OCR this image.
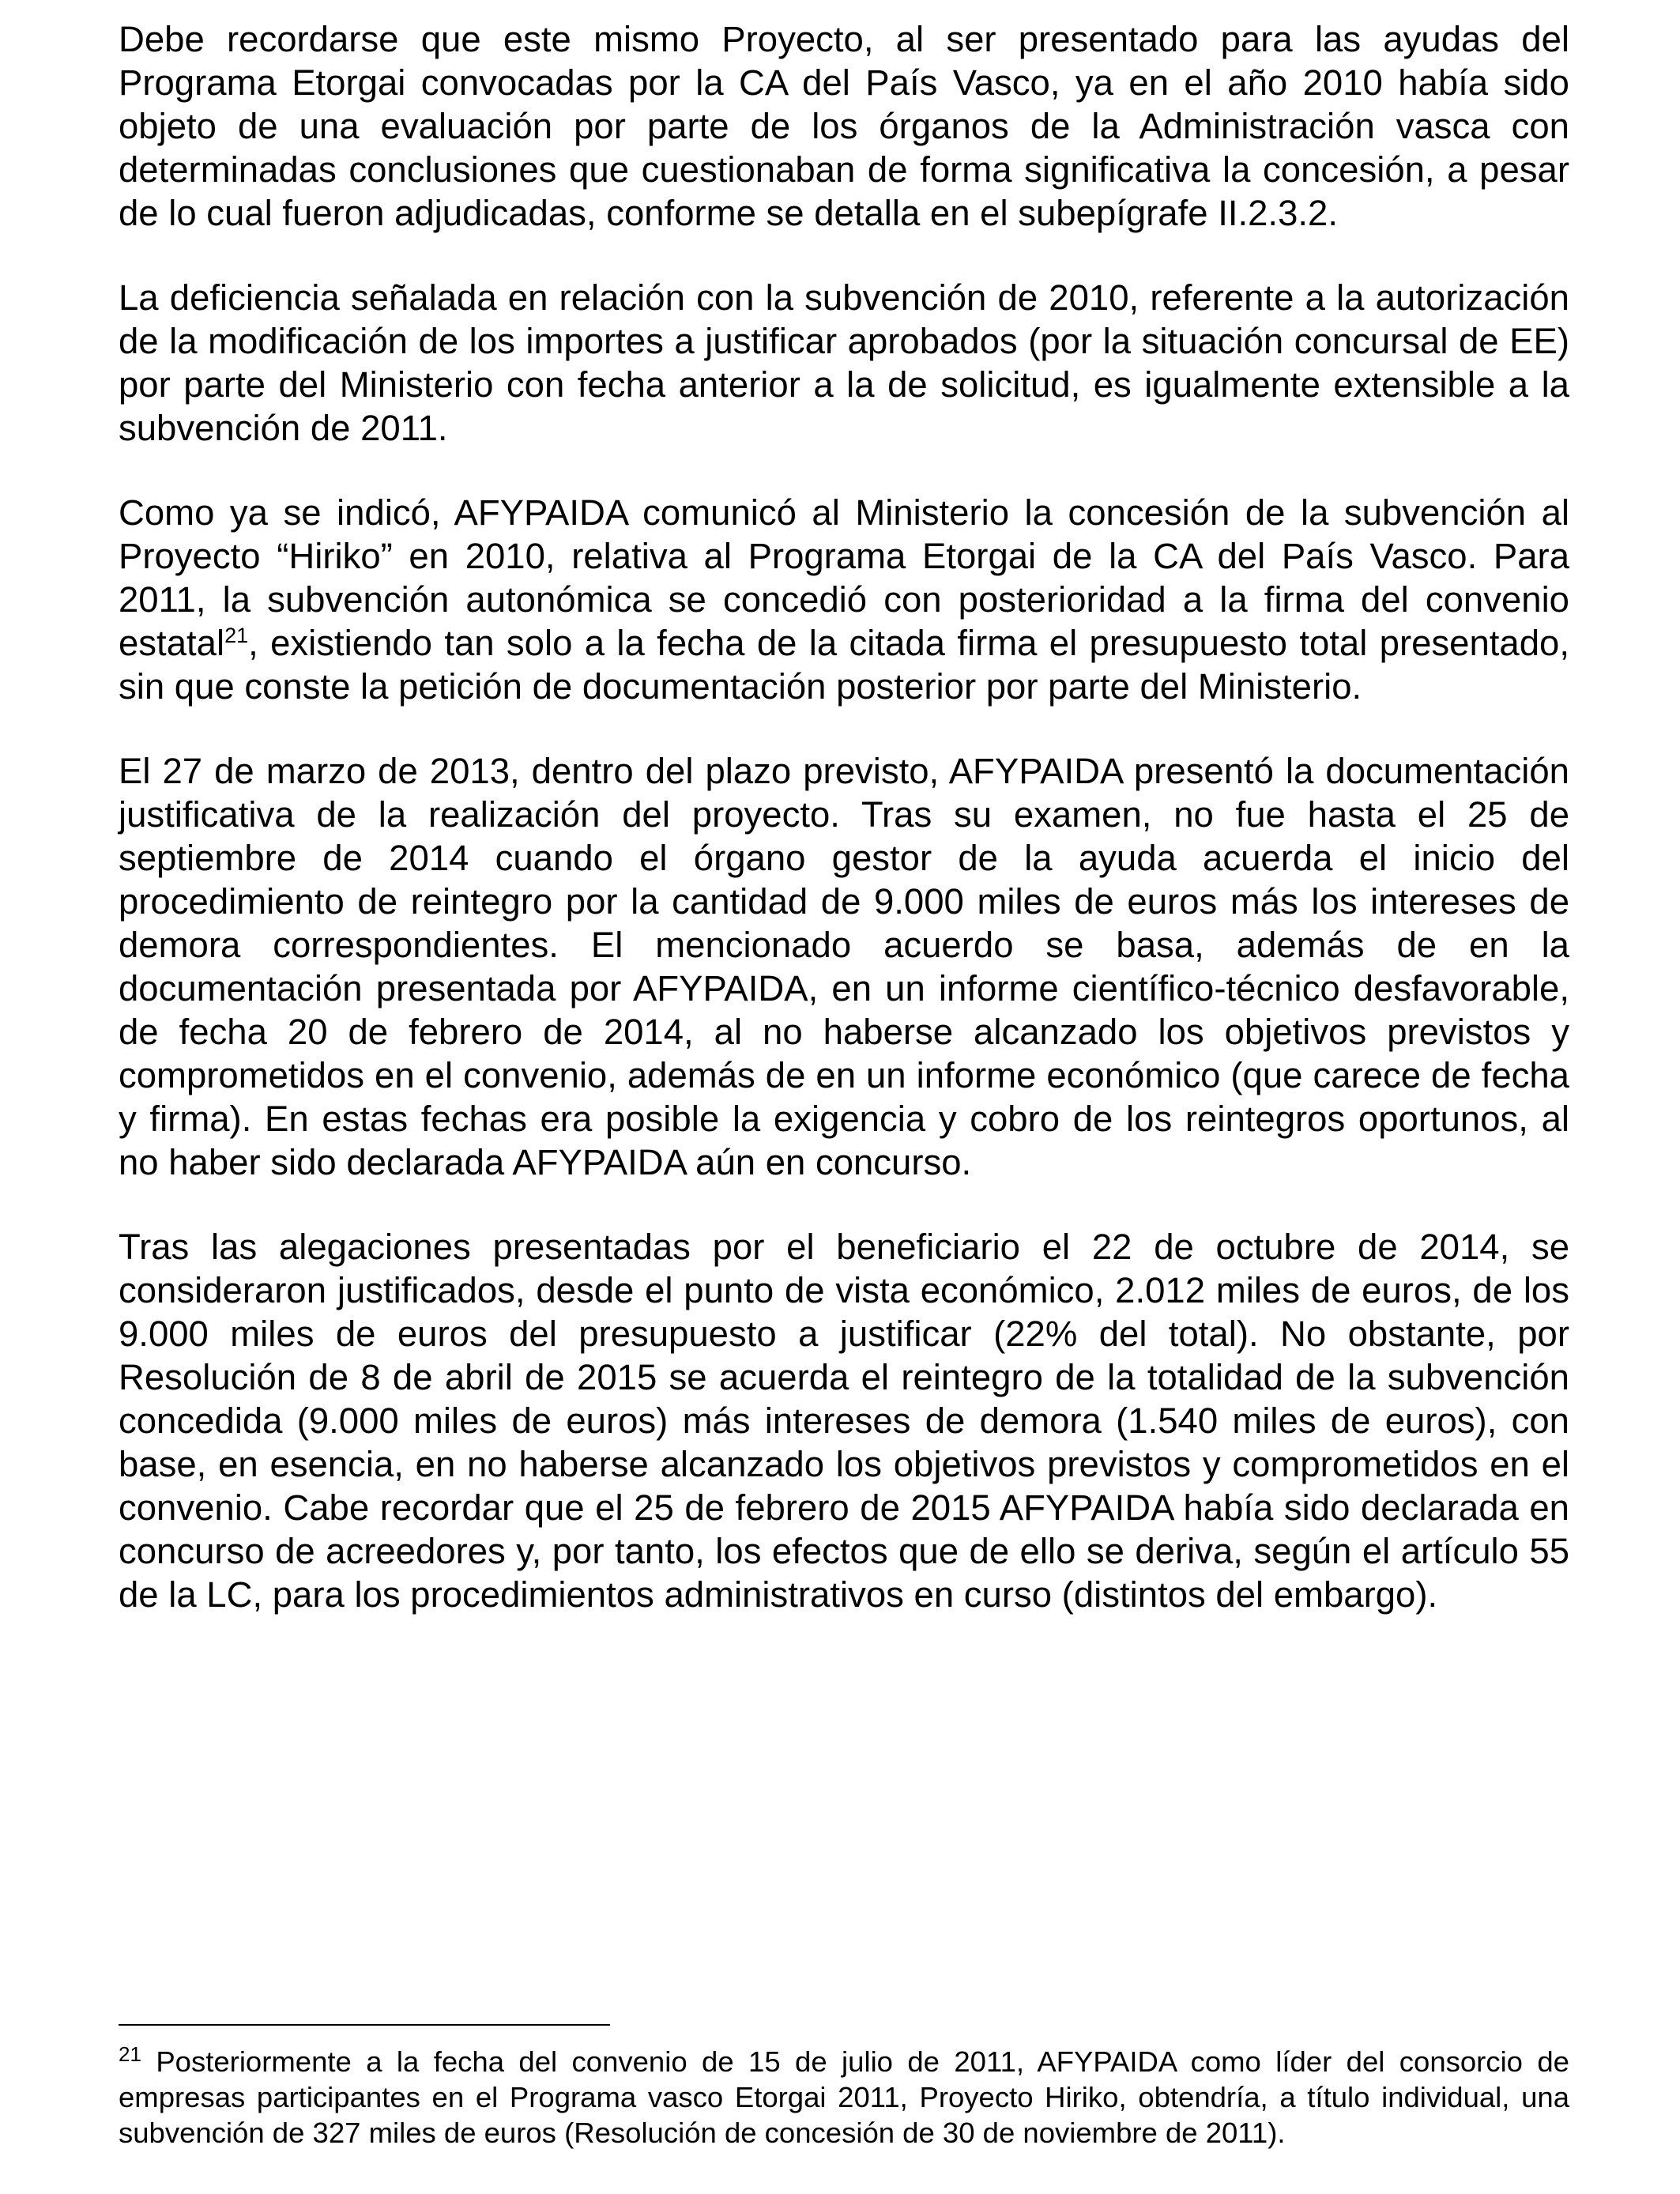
Debe recordarse que este mismo Proyecto, al ser presentado para las ayudas del Programa Etorgai convocadas por la CA del País Vasco, ya en el año 2010 había sido objeto de una evaluación por parte de los órganos de la Administración vasca con determinadas conclusiones que cuestionaban de forma significativa la concesión, a pesar de lo cual fueron adjudicadas, conforme se detalla en el subepígrafe II.2.3.2.

La deficiencia señalada en relación con la subvención de 2010, referente a la autorización de la modificación de los importes a justificar aprobados (por la situación concursal de EE) por parte del Ministerio con fecha anterior a la de solicitud, es igualmente extensible a la subvención de 2011.

Como ya se indicó, AFYPAIDA comunicó al Ministerio la concesión de la subvención al Proyecto “Hiriko” en 2010, relativa al Programa Etorgai de la CA del País Vasco. Para 2011, la subvención autonómica se concedió con posterioridad a la firma del convenio estatal$^{21}$, existiendo tan solo a la fecha de la citada firma el presupuesto total presentado, sin que conste la petición de documentación posterior por parte del Ministerio.

El 27 de marzo de 2013, dentro del plazo previsto, AFYPAIDA presentó la documentación justificativa de la realización del proyecto. Tras su examen, no fue hasta el 25 de septiembre de 2014 cuando el órgano gestor de la ayuda acuerda el inicio del procedimiento de reintegro por la cantidad de 9.000 miles de euros más los intereses de demora correspondientes. El mencionado acuerdo se basa, además de en la documentación presentada por AFYPAIDA, en un informe científico-técnico desfavorable, de fecha 20 de febrero de 2014, al no haberse alcanzado los objetivos previstos y comprometidos en el convenio, además de en un informe económico (que carece de fecha y firma). En estas fechas era posible la exigencia y cobro de los reintegros oportunos, al no haber sido declarada AFYPAIDA aún en concurso.

Tras las alegaciones presentadas por el beneficiario el 22 de octubre de 2014, se consideraron justificados, desde el punto de vista económico, 2.012 miles de euros, de los 9.000 miles de euros del presupuesto a justificar (22% del total). No obstante, por Resolución de 8 de abril de 2015 se acuerda el reintegro de la totalidad de la subvención concedida (9.000 miles de euros) más intereses de demora (1.540 miles de euros), con base, en esencia, en no haberse alcanzado los objetivos previstos y comprometidos en el convenio. Cabe recordar que el 25 de febrero de 2015 AFYPAIDA había sido declarada en concurso de acreedores y, por tanto, los efectos que de ello se deriva, según el artículo 55 de la LC, para los procedimientos administrativos en curso (distintos del embargo).

$^{21}$ Posteriormente a la fecha del convenio de 15 de julio de 2011, AFYPAIDA como líder del consorcio de empresas participantes en el Programa vasco Etorgai 2011, Proyecto Hiriko, obtendría, a título individual, una subvención de 327 miles de euros (Resolución de concesión de 30 de noviembre de 2011).
